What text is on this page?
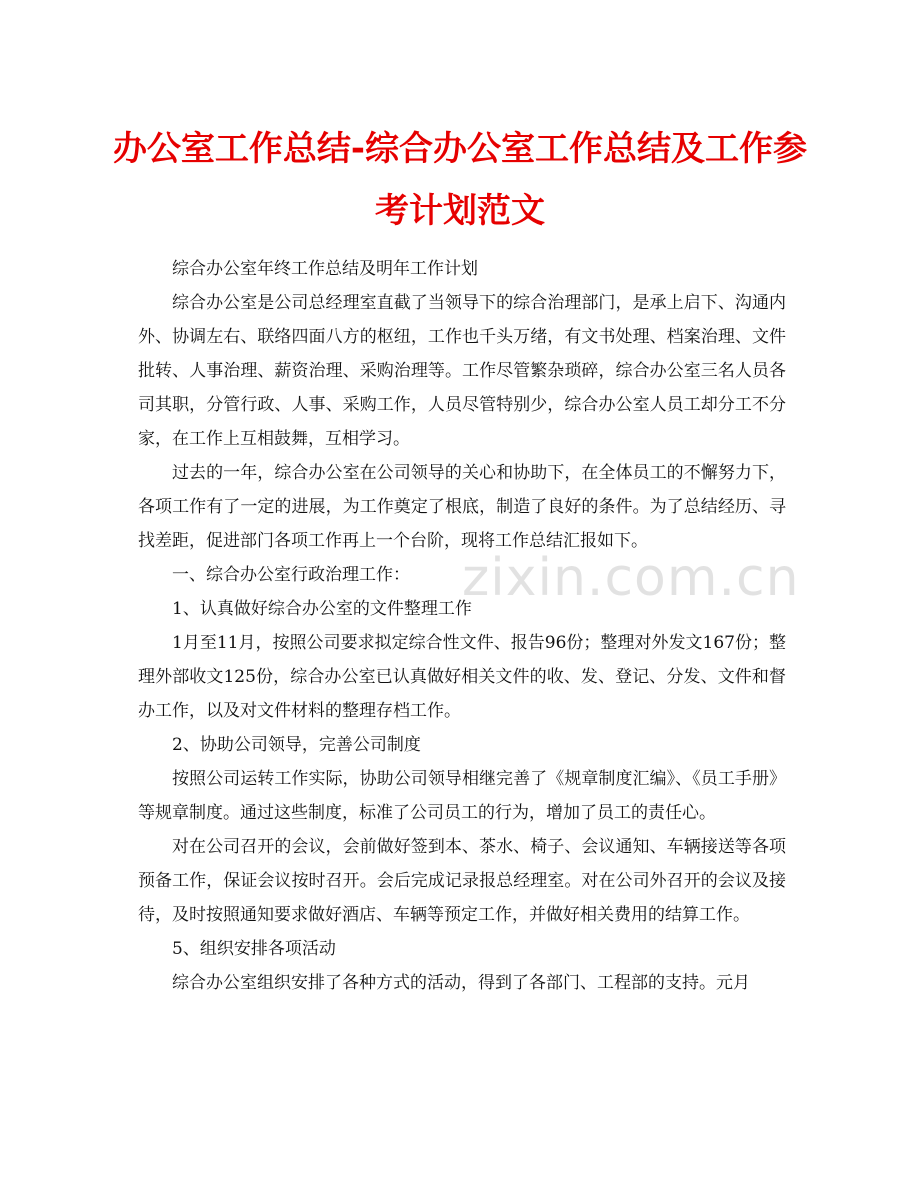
办公室工作总结-综合办公室工作总结及工作参考计划范文

综合办公室年终工作总结及明年工作计划

综合办公室是公司总经理室直截了当领导下的综合治理部门，是承上启下、沟通内外、协调左右、联络四面八方的枢纽，工作也千头万绪，有文书处理、档案治理、文件批转、人事治理、薪资治理、采购治理等。工作尽管繁杂琐碎，综合办公室三名人员各司其职，分管行政、人事、采购工作，人员尽管特别少，综合办公室人员工却分工不分家，在工作上互相鼓舞，互相学习。

过去的一年，综合办公室在公司领导的关心和协助下，在全体员工的不懈努力下，各项工作有了一定的进展，为工作奠定了根底，制造了良好的条件。为了总结经历、寻找差距，促进部门各项工作再上一个台阶，现将工作总结汇报如下。

一、综合办公室行政治理工作：

1、认真做好综合办公室的文件整理工作

1月至11月，按照公司要求拟定综合性文件、报告96份；整理对外发文167份；整理外部收文125份，综合办公室已认真做好相关文件的收、发、登记、分发、文件和督办工作，以及对文件材料的整理存档工作。

2、协助公司领导，完善公司制度

按照公司运转工作实际，协助公司领导相继完善了《规章制度汇编》、《员工手册》等规章制度。通过这些制度，标准了公司员工的行为，增加了员工的责任心。

对在公司召开的会议，会前做好签到本、茶水、椅子、会议通知、车辆接送等各项预备工作，保证会议按时召开。会后完成记录报总经理室。对在公司外召开的会议及接待，及时按照通知要求做好酒店、车辆等预定工作，并做好相关费用的结算工作。

5、组织安排各项活动

综合办公室组织安排了各种方式的活动，得到了各部门、工程部的支持。元月

zixin.com.cn
